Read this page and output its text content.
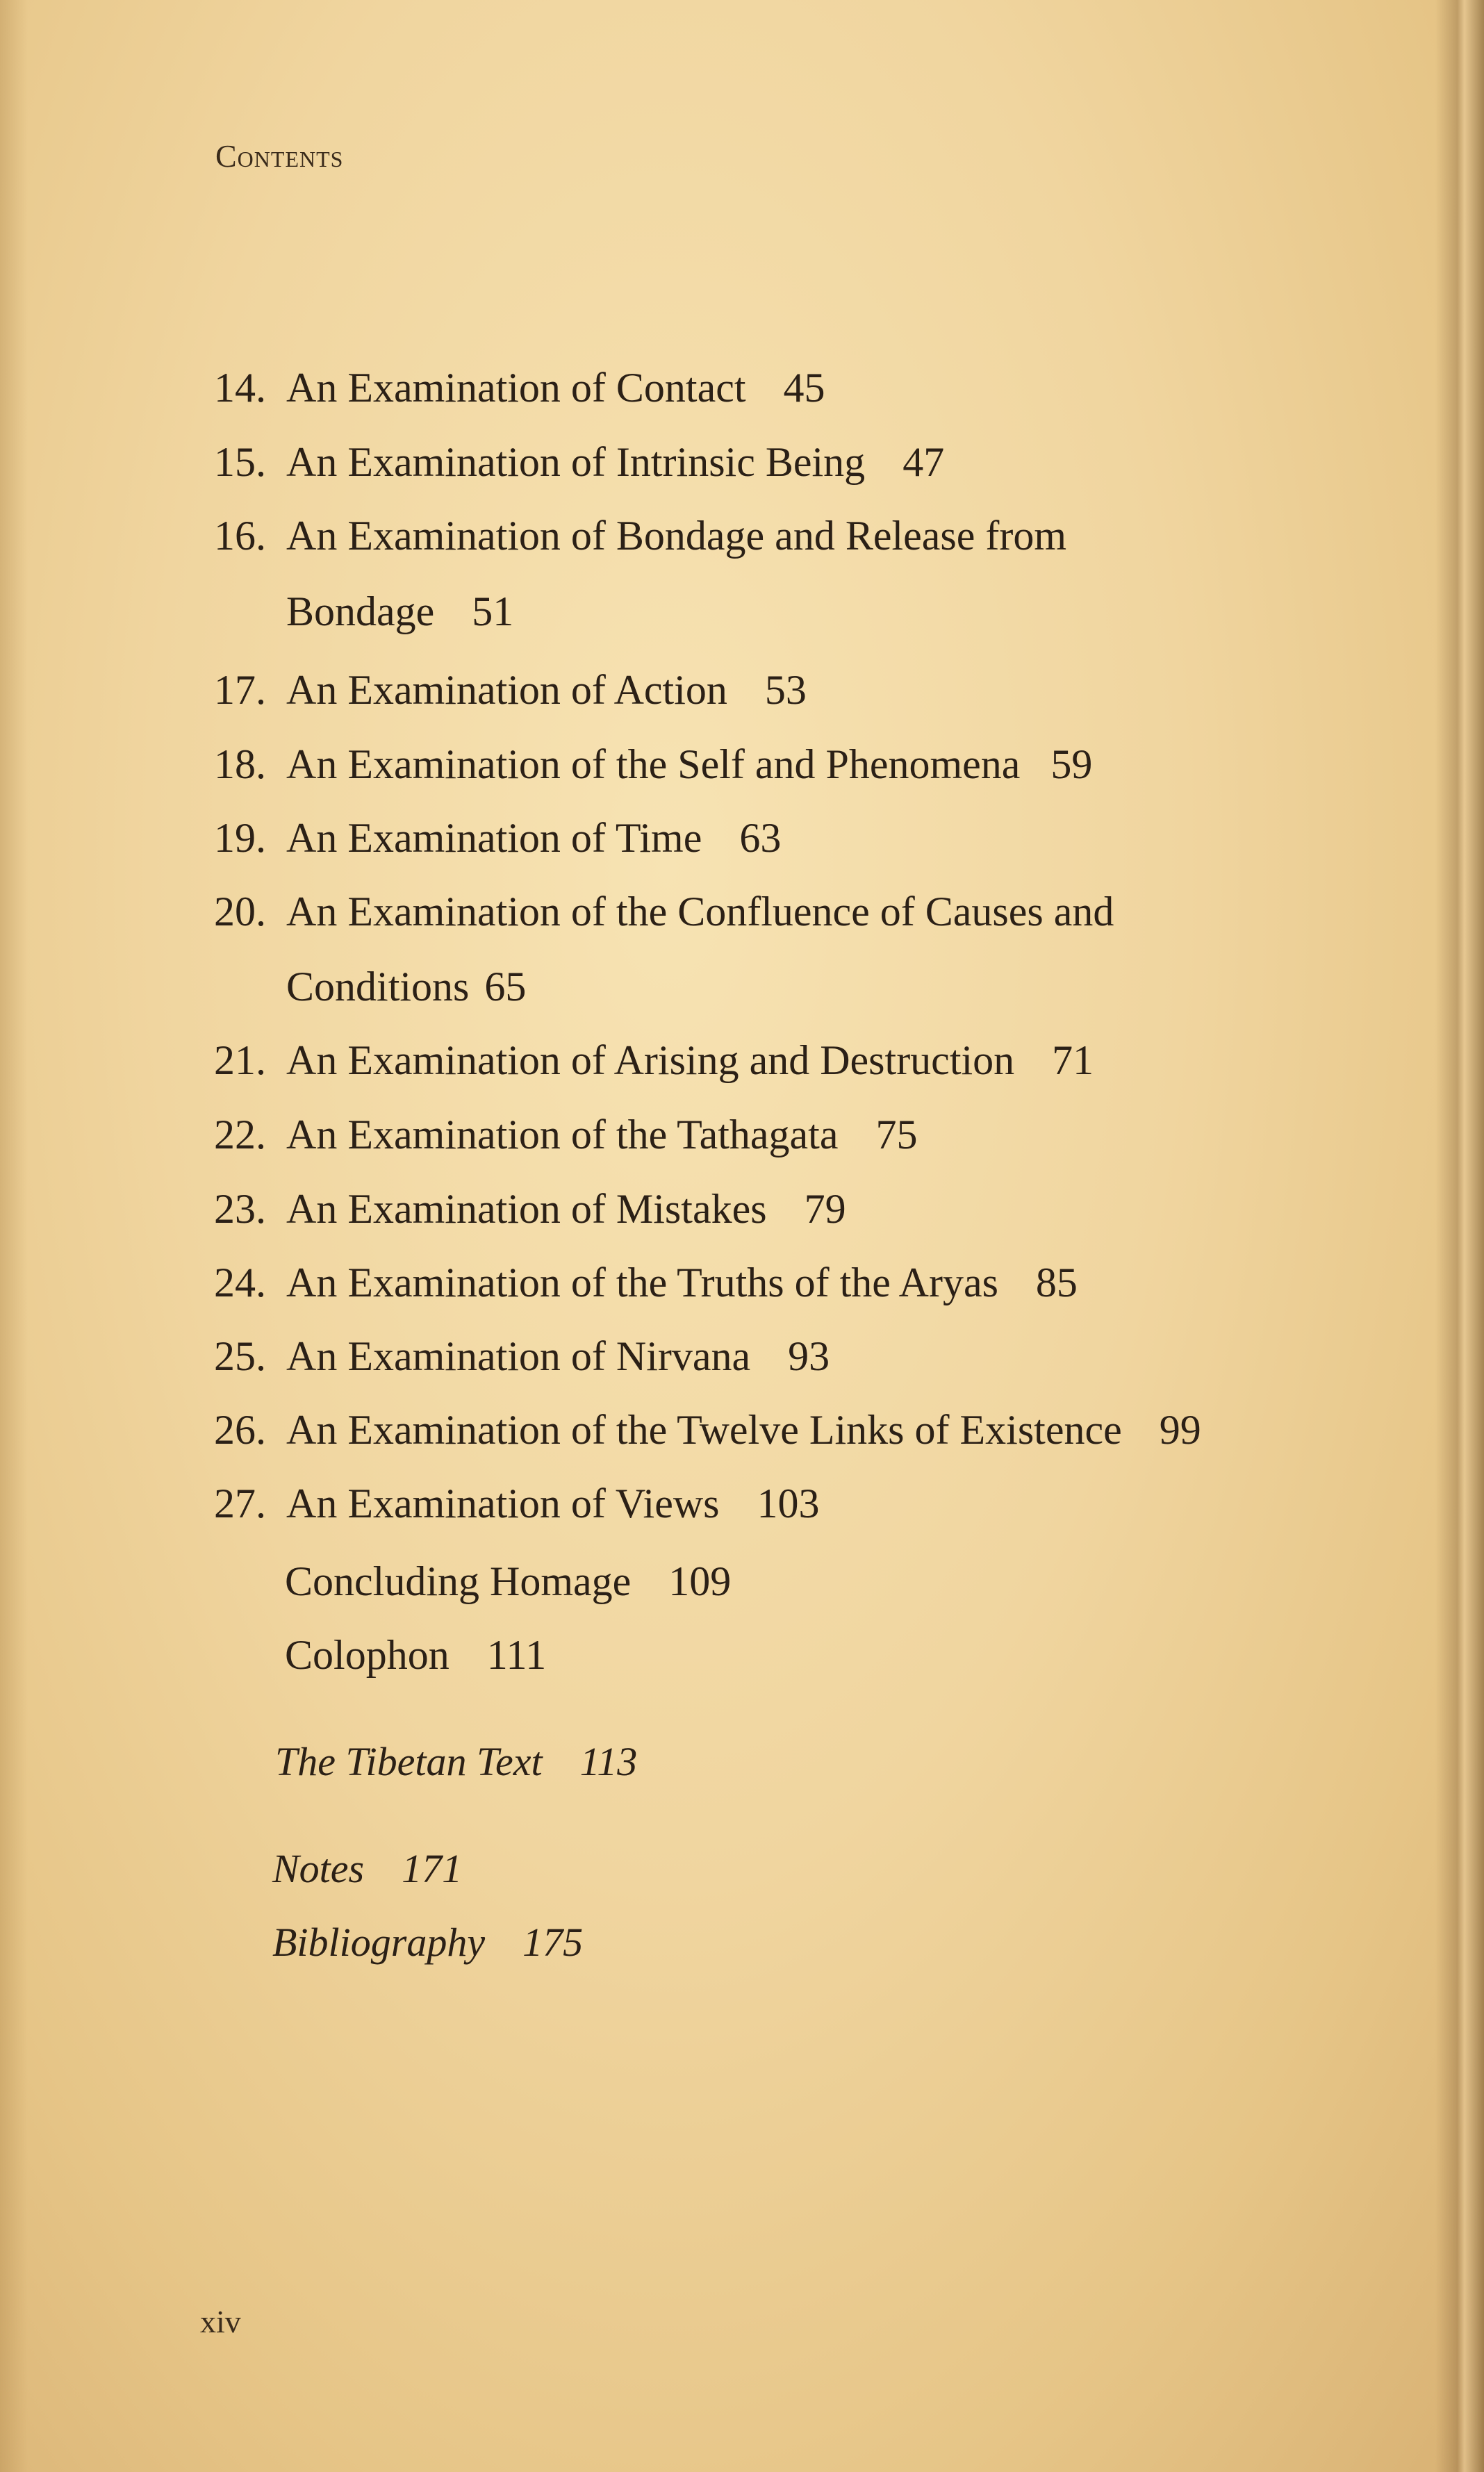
Contents
14. An Examination of Contact 45
15. An Examination of Intrinsic Being 47
16. An Examination of Bondage and Release from
Bondage 51
17. An Examination of Action 53
18. An Examination of the Self and Phenomena 59
19. An Examination of Time 63
20. An Examination of the Confluence of Causes and
Conditions 65
21. An Examination of Arising and Destruction 71
22. An Examination of the Tathagata 75
23. An Examination of Mistakes 79
24. An Examination of the Truths of the Aryas 85
25. An Examination of Nirvana 93
26. An Examination of the Twelve Links of Existence 99
27. An Examination of Views 103
Concluding Homage 109
Colophon 111
The Tibetan Text 113
Notes 171
Bibliography 175
xiv
